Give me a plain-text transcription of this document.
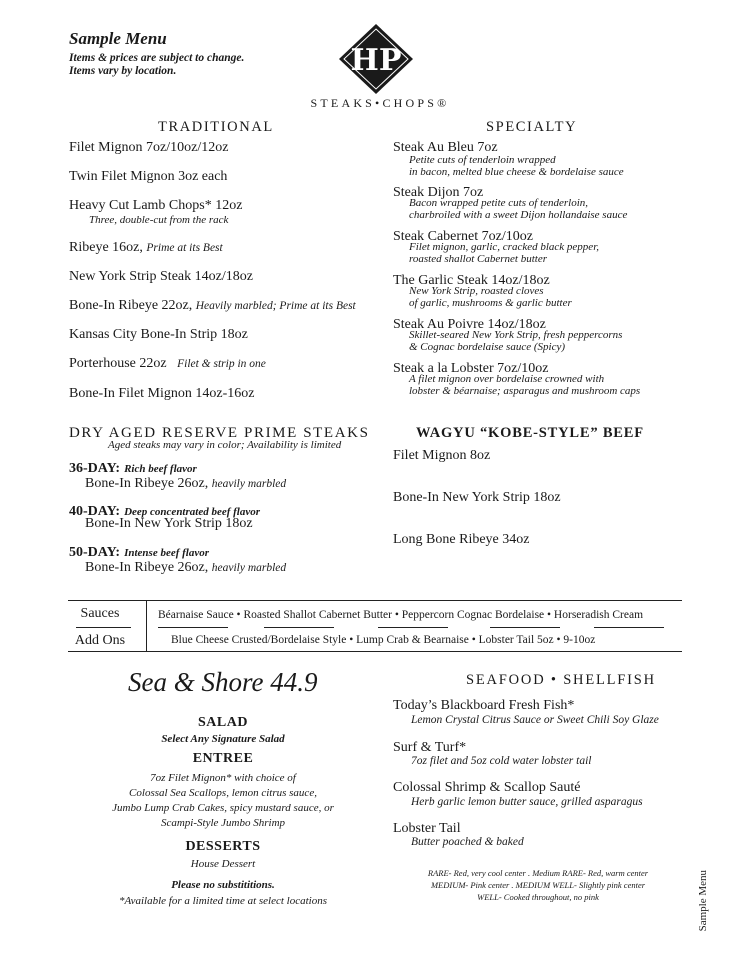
Sample Menu
Items & prices are subject to change.
Items vary by location.	HP
STEAKS•CHOPS®
TRADITIONAL
Filet Mignon 7oz/10oz/12oz
Twin Filet Mignon 3oz each
Heavy Cut Lamb Chops* 12oz
Three, double-cut from the rack
Ribeye 16oz, Prime at its Best
New York Strip Steak 14oz/18oz
Bone-In Ribeye 22oz, Heavily marbled; Prime at its Best
Kansas City Bone-In Strip 18oz
Porterhouse 22oz Filet & strip in one
Bone-In Filet Mignon 14oz-16oz
SPECIALTY
Steak Au Bleu 7oz
Petite cuts of tenderloin wrapped
in bacon, melted blue cheese & bordelaise sauce
Steak Dijon 7oz
Bacon wrapped petite cuts of tenderloin,
charbroiled with a sweet Dijon hollandaise sauce
Steak Cabernet 7oz/10oz
Filet mignon, garlic, cracked black pepper,
roasted shallot Cabernet butter
The Garlic Steak 14oz/18oz
New York Strip, roasted cloves
of garlic, mushrooms & garlic butter
Steak Au Poivre 14oz/18oz
Skillet-seared New York Strip, fresh peppercorns
& Cognac bordelaise sauce (Spicy)
Steak a la Lobster 7oz/10oz
A filet mignon over bordelaise crowned with
lobster & béarnaise; asparagus and mushroom caps
DRY AGED RESERVE PRIME STEAKS
Aged steaks may vary in color; Availability is limited
36-DAY: Rich beef flavor
Bone-In Ribeye 26oz, heavily marbled
40-DAY: Deep concentrated beef flavor
Bone-In New York Strip 18oz
50-DAY: Intense beef flavor
Bone-In Ribeye 26oz, heavily marbled
WAGYU “KOBE-STYLE” BEEF
Filet Mignon 8oz
Bone-In New York Strip 18oz
Long Bone Ribeye 34oz
Sauces	Béarnaise Sauce • Roasted Shallot Cabernet Butter • Peppercorn Cognac Bordelaise • Horseradish Cream
Add Ons	Blue Cheese Crusted/Bordelaise Style • Lump Crab & Bearnaise • Lobster Tail 5oz • 9-10oz
Sea & Shore 44.9
SALAD
Select Any Signature Salad
ENTREE
7oz Filet Mignon* with choice of
Colossal Sea Scallops, lemon citrus sauce,
Jumbo Lump Crab Cakes, spicy mustard sauce, or
Scampi-Style Jumbo Shrimp
DESSERTS
House Dessert
Please no substititions.
*Available for a limited time at select locations
SEAFOOD • SHELLFISH
Today’s Blackboard Fresh Fish*
Lemon Crystal Citrus Sauce or Sweet Chili Soy Glaze
Surf & Turf*
7oz filet and 5oz cold water lobster tail
Colossal Shrimp & Scallop Sauté
Herb garlic lemon butter sauce, grilled asparagus
Lobster Tail
Butter poached & baked
RARE- Red, very cool center . Medium RARE- Red, warm center
MEDIUM- Pink center . MEDIUM WELL- Slightly pink center
WELL- Cooked throughout, no pink	Sample Menu
